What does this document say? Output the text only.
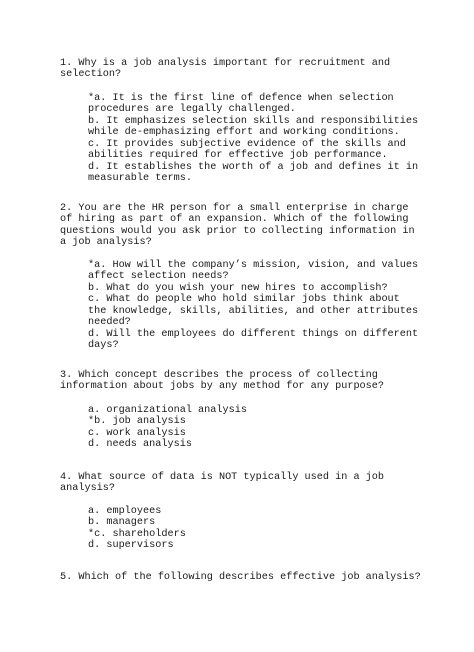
1. Why is a job analysis important for recruitment and
selection?
*a. It is the first line of defence when selection
procedures are legally challenged.
b. It emphasizes selection skills and responsibilities
while de-emphasizing effort and working conditions.
c. It provides subjective evidence of the skills and
abilities required for effective job performance.
d. It establishes the worth of a job and defines it in
measurable terms.
2. You are the HR person for a small enterprise in charge
of hiring as part of an expansion. Which of the following
questions would you ask prior to collecting information in
a job analysis?
*a. How will the company’s mission, vision, and values
affect selection needs?
b. What do you wish your new hires to accomplish?
c. What do people who hold similar jobs think about
the knowledge, skills, abilities, and other attributes
needed?
d. Will the employees do different things on different
days?
3. Which concept describes the process of collecting
information about jobs by any method for any purpose?
a. organizational analysis
*b. job analysis
c. work analysis
d. needs analysis
4. What source of data is NOT typically used in a job
analysis?
a. employees
b. managers
*c. shareholders
d. supervisors
5. Which of the following describes effective job analysis?
